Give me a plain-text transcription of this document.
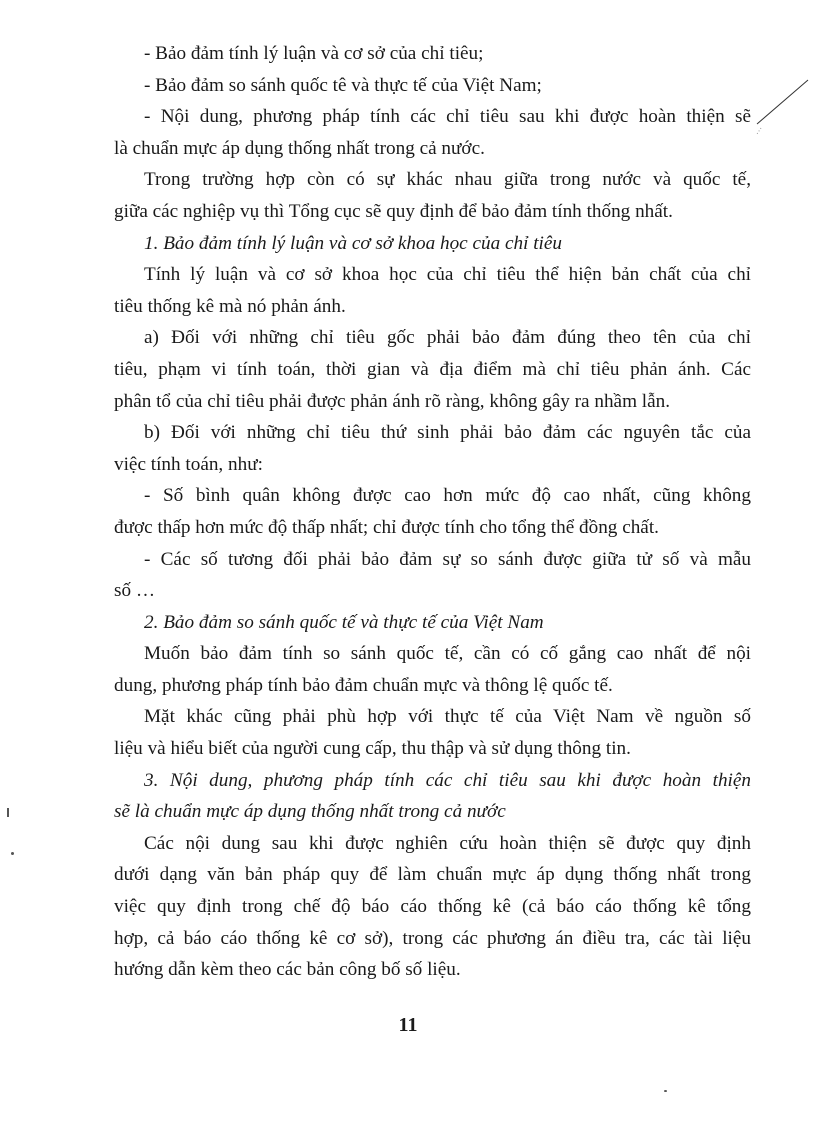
- Bảo đảm tính lý luận và cơ sở của chỉ tiêu;
- Bảo đảm so sánh quốc tê và thực tế của Việt Nam;
- Nội dung, phương pháp tính các chỉ tiêu sau khi được hoàn thiện sẽ
là chuẩn mực áp dụng thống nhất trong cả nước.
Trong trường hợp còn có sự khác nhau giữa trong nước và quốc tế,
giữa các nghiệp vụ thì Tổng cục sẽ quy định để bảo đảm tính thống nhất.
1. Bảo đảm tính lý luận và cơ sở khoa học của chỉ tiêu
Tính lý luận và cơ sở khoa học của chỉ tiêu thể hiện bản chất của chỉ
tiêu thống kê mà nó phản ánh.
a) Đối với những chỉ tiêu gốc phải bảo đảm đúng theo tên của chỉ
tiêu, phạm vi tính toán, thời gian và địa điểm mà chỉ tiêu phản ánh. Các
phân tổ của chỉ tiêu phải được phản ánh rõ ràng, không gây ra nhầm lẫn.
b) Đối với những chỉ tiêu thứ sinh phải bảo đảm các nguyên tắc của
việc tính toán, như:
- Số bình quân không được cao hơn mức độ cao nhất, cũng không
được thấp hơn mức độ thấp nhất; chỉ được tính cho tổng thể đồng chất.
- Các số tương đối phải bảo đảm sự so sánh được giữa tử số và mẫu
số …
2. Bảo đảm so sánh quốc tế và thực tế của Việt Nam
Muốn bảo đảm tính so sánh quốc tế, cần có cố gắng cao nhất để nội
dung, phương pháp tính bảo đảm chuẩn mực và thông lệ quốc tế.
Mặt khác cũng phải phù hợp với thực tế của Việt Nam về nguồn số
liệu và hiểu biết của người cung cấp, thu thập và sử dụng thông tin.
3. Nội dung, phương pháp tính các chỉ tiêu sau khi được hoàn thiện
sẽ là chuẩn mực áp dụng thống nhất trong cả nước
Các nội dung sau khi được nghiên cứu hoàn thiện sẽ được quy định
dưới dạng văn bản pháp quy để làm chuẩn mực áp dụng thống nhất trong
việc quy định trong chế độ báo cáo thống kê (cả báo cáo thống kê tổng
hợp, cả báo cáo thống kê cơ sở), trong các phương án điều tra, các tài liệu
hướng dẫn kèm theo các bản công bố số liệu.
11
